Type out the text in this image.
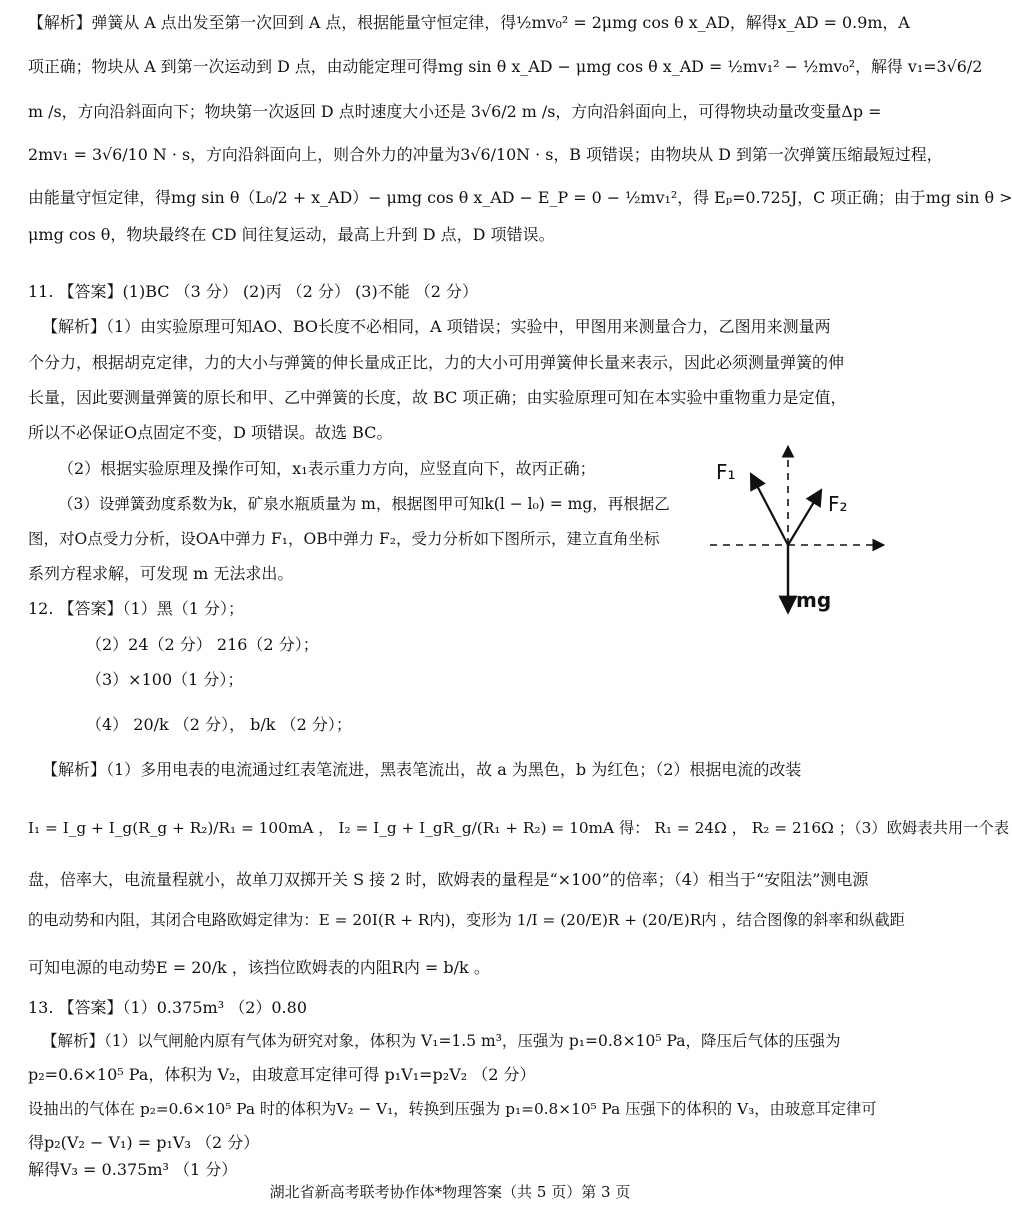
【解析】弹簧从 A 点出发至第一次回到 A 点，根据能量守恒定律，得½mv₀² = 2μmg cos θ x_AD，解得x_AD = 0.9m，A
项正确；物块从 A 到第一次运动到 D 点，由动能定理可得mg sin θ x_AD − μmg cos θ x_AD = ½mv₁² − ½mv₀²，解得 v₁=3√6/2
m /s，方向沿斜面向下；物块第一次返回 D 点时速度大小还是 3√6/2 m /s，方向沿斜面向上，可得物块动量改变量Δp =
2mv₁ = 3√6/10 N · s，方向沿斜面向上，则合外力的冲量为3√6/10N · s，B 项错误；由物块从 D 到第一次弹簧压缩最短过程，
由能量守恒定律，得mg sin θ（L₀/2 + x_AD）− μmg cos θ x_AD − E_P = 0 − ½mv₁²，得 Eₚ=0.725J，C 项正确；由于mg sin θ >
μmg cos θ，物块最终在 CD 间往复运动，最高上升到 D 点，D 项错误。
11. 【答案】(1)BC （3 分） (2)丙 （2 分） (3)不能 （2 分）
【解析】（1）由实验原理可知AO、BO长度不必相同，A 项错误；实验中，甲图用来测量合力，乙图用来测量两
个分力，根据胡克定律，力的大小与弹簧的伸长量成正比，力的大小可用弹簧伸长量来表示，因此必须测量弹簧的伸
长量，因此要测量弹簧的原长和甲、乙中弹簧的长度，故 BC 项正确；由实验原理可知在本实验中重物重力是定值，
所以不必保证O点固定不变，D 项错误。故选 BC。
（2）根据实验原理及操作可知，x₁表示重力方向，应竖直向下，故丙正确；
（3）设弹簧劲度系数为k，矿泉水瓶质量为 m，根据图甲可知k(l − l₀) = mg，再根据乙
图，对O点受力分析，设OA中弹力 F₁，OB中弹力 F₂，受力分析如下图所示，建立直角坐标
系列方程求解，可发现 m 无法求出。
12. 【答案】（1）黑（1 分）；
（2）24（2 分） 216（2 分）；
（3）×100（1 分）；
（4） 20/k （2 分）， b/k （2 分）；
【解析】（1）多用电表的电流通过红表笔流进，黑表笔流出，故 a 为黑色，b 为红色；（2）根据电流的改装
I₁ = I_g + I_g(R_g + R₂)/R₁ = 100mA ， I₂ = I_g + I_gR_g/(R₁ + R₂) = 10mA 得： R₁ = 24Ω ， R₂ = 216Ω ；（3）欧姆表共用一个表
盘，倍率大，电流量程就小，故单刀双掷开关 S 接 2 时，欧姆表的量程是“×100”的倍率；（4）相当于“安阻法”测电源
的电动势和内阻，其闭合电路欧姆定律为：E = 20I(R + R内)，变形为 1/I = (20/E)R + (20/E)R内 ，结合图像的斜率和纵截距
可知电源的电动势E = 20/k ，该挡位欧姆表的内阻R内 = b/k 。
13. 【答案】（1）0.375m³ （2）0.80
【解析】（1）以气闸舱内原有气体为研究对象，体积为 V₁=1.5 m³，压强为 p₁=0.8×10⁵ Pa，降压后气体的压强为
p₂=0.6×10⁵ Pa，体积为 V₂，由玻意耳定律可得 p₁V₁=p₂V₂ （2 分）
设抽出的气体在 p₂=0.6×10⁵ Pa 时的体积为V₂ − V₁，转换到压强为 p₁=0.8×10⁵ Pa 压强下的体积的 V₃，由玻意耳定律可
得p₂(V₂ − V₁) = p₁V₃ （2 分）
解得V₃ = 0.375m³ （1 分）
F₁
F₂
mg
湖北省新高考联考协作体*物理答案（共 5 页）第 3 页
